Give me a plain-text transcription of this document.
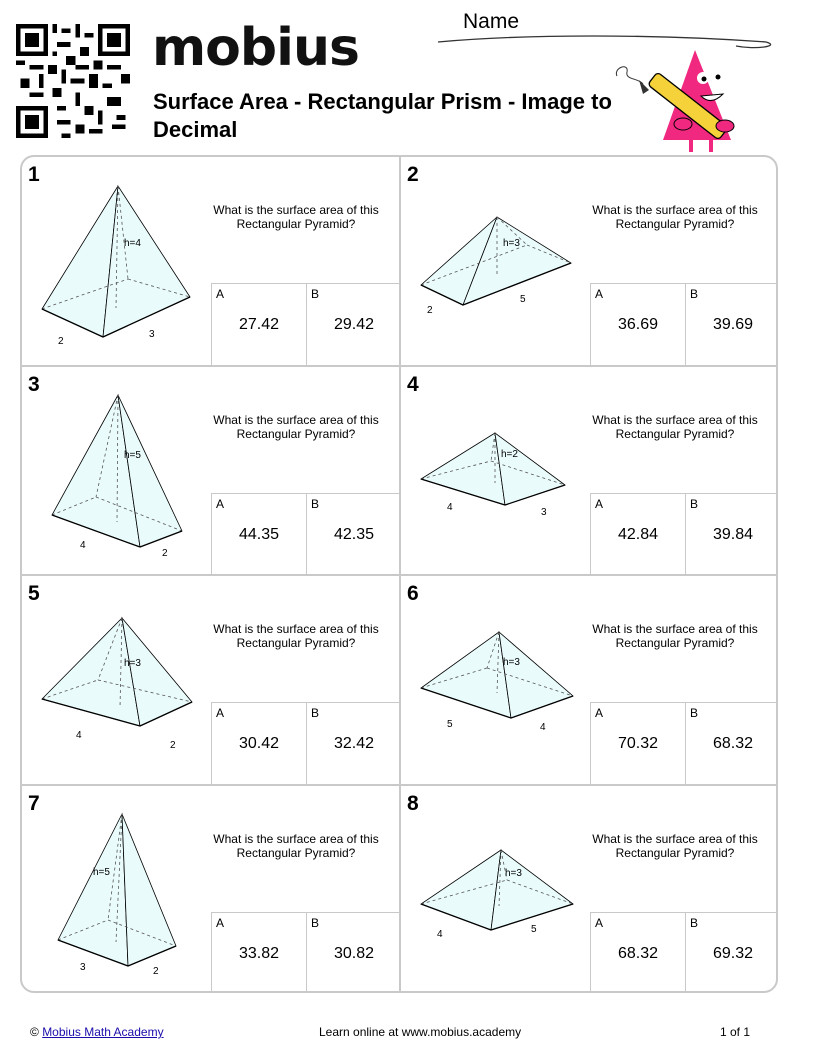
mobius
Surface Area - Rectangular Prism - Image to Decimal
Name
1
h=4
2
3
What is the surface area of this Rectangular Pyramid?
A
27.42
B
29.42
2
h=3
2
5
What is the surface area of this Rectangular Pyramid?
A
36.69
B
39.69
3
h=5
4
2
What is the surface area of this Rectangular Pyramid?
A
44.35
B
42.35
4
h=2
4	3
What is the surface area of this Rectangular Pyramid?
A
42.84
B
39.84
5
h=3
4
2
What is the surface area of this Rectangular Pyramid?
A
30.42
B
32.42
6
h=3
5	4
What is the surface area of this Rectangular Pyramid?
A
70.32
B
68.32
7
h=5
3	2
What is the surface area of this Rectangular Pyramid?
A
33.82
B
30.82
8
h=3
4	5
What is the surface area of this Rectangular Pyramid?
A
68.32
B
69.32
© Mobius Math Academy	Learn online at www.mobius.academy	1 of 1
